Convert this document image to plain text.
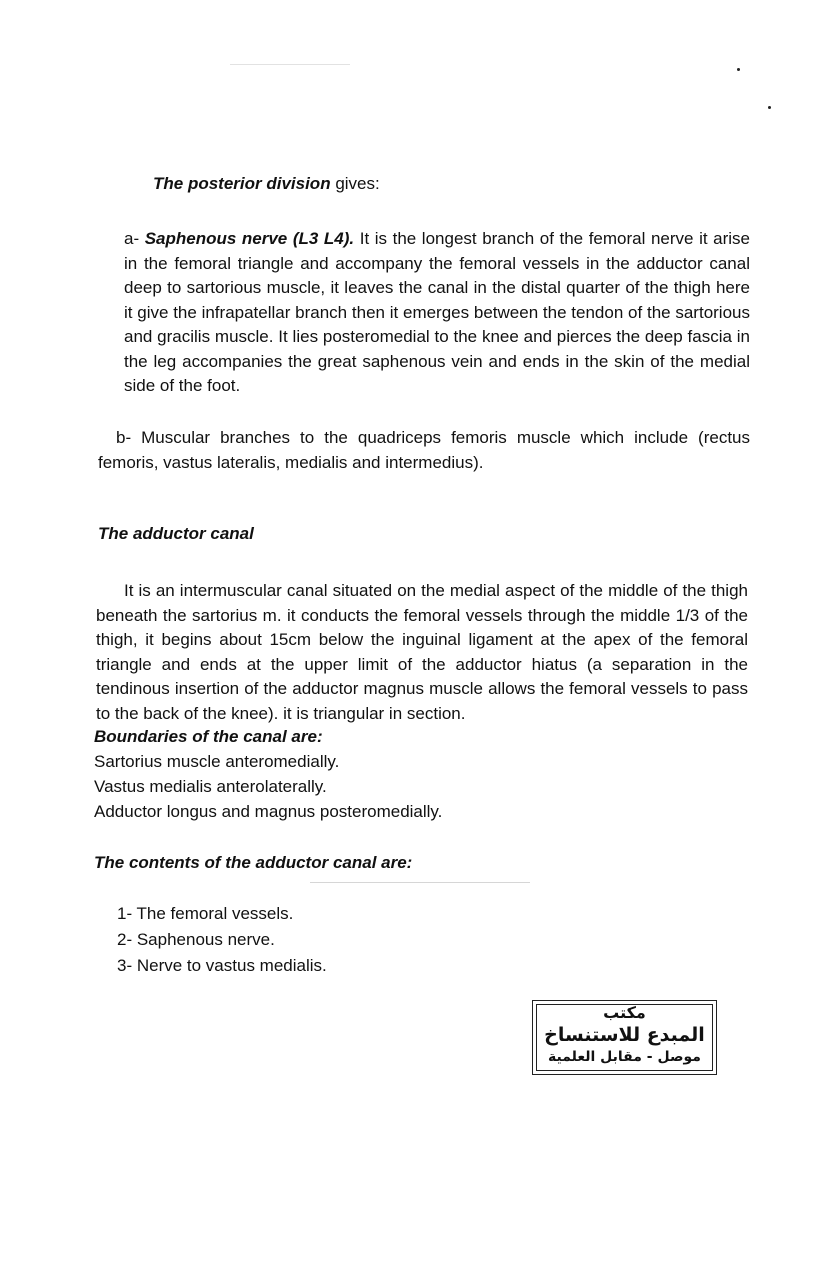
The posterior division gives:

a- Saphenous nerve (L3 L4). It is the longest branch of the femoral nerve it arise in the femoral triangle and accompany the femoral vessels in the adductor canal deep to sartorious muscle, it leaves the canal in the distal quarter of the thigh here it give the infrapatellar branch then it emerges between the tendon of the sartorious and gracilis muscle. It lies posteromedial to the knee and pierces the deep fascia in the leg accompanies the great saphenous vein and ends in the skin of the medial side of the foot.

b- Muscular branches to the quadriceps femoris muscle which include (rectus femoris, vastus lateralis, medialis and intermedius).

The adductor canal

It is an intermuscular canal situated on the medial aspect of the middle of the thigh beneath the sartorius m. it conducts the femoral vessels through the middle 1/3 of the thigh, it begins about 15cm below the inguinal ligament at the apex of the femoral triangle and ends at the upper limit of the adductor hiatus (a separation in the tendinous insertion of the adductor magnus muscle allows the femoral vessels to pass to the back of the knee). it is triangular in section.

Boundaries of the canal are:
Sartorius muscle anteromedially.
Vastus medialis anterolaterally.
Adductor longus and magnus posteromedially.
The contents of the adductor canal are:
1- The femoral vessels.
2- Saphenous nerve.
3- Nerve to vastus medialis.
مكتب
المبدع للاستنساخ
موصل - مقابل العلمية
